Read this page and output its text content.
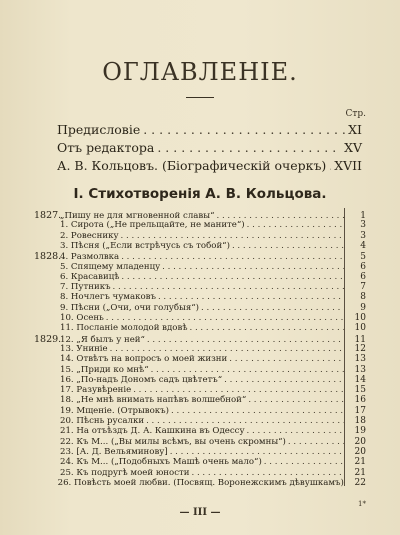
ОГЛАВЛЕНІЕ.
Стр.
Предисловіе . . .	XI
Отъ редактора . . .	XV
А. В. Кольцовъ. (Біографическій очеркъ) . . . XVII
I. Стихотворенія А. В. Кольцова.
1827.
„Пишу не для мгновенной славы“ . . .	1
1. Сирота („Не прельщайте, не маните“) . . .	3
2. Ровеснику . . .	3
3. Пѣсня („Если встрѣчусь съ тобой“) . . .	4
1828.
4. Размолвка . . .	5
5. Спящему младенцу . . .	6
6. Красавицѣ . . .	6
7. Путникъ . . .	7
8. Ночлегъ чумаковъ . . .	8
9. Пѣсни („Очи, очи голубыя“) . . .	9
10. Осень . . .	10
11. Посланіе молодой вдовѣ . . .	10
1829.
12. „Я былъ у ней“ . . .	11
13. Униніе . . .	12
14. Отвѣтъ на вопросъ о моей жизни . . .	13
15. „Приди ко мнѣ“ . . .	13
16. „По-надъ Дономъ садъ цвѣтетъ“ . . .	14
17. Разувѣреніе . . .	15
18. „Не мнѣ внимать напѣвъ волшебной“ . . .	16
19. Мщеніе. (Отрывокъ) . . .	17
20. Пѣснь русалки . . .	18
21. На отъѣздъ Д. А. Кашкина въ Одессу . . .	19
22. Къ М... („Вы милы всѣмъ, вы очень скромны“) . . .	20
23. [А. Д. Вельяминову] . . .	20
24. Къ М... („Подобныхъ Машѣ очень мало“) . . .	21
25. Къ подругѣ моей юности . . .	21
26. Повѣсть моей любви. (Посвящ. Воронежскимъ дѣвушкамъ)	22
— III —
1*
